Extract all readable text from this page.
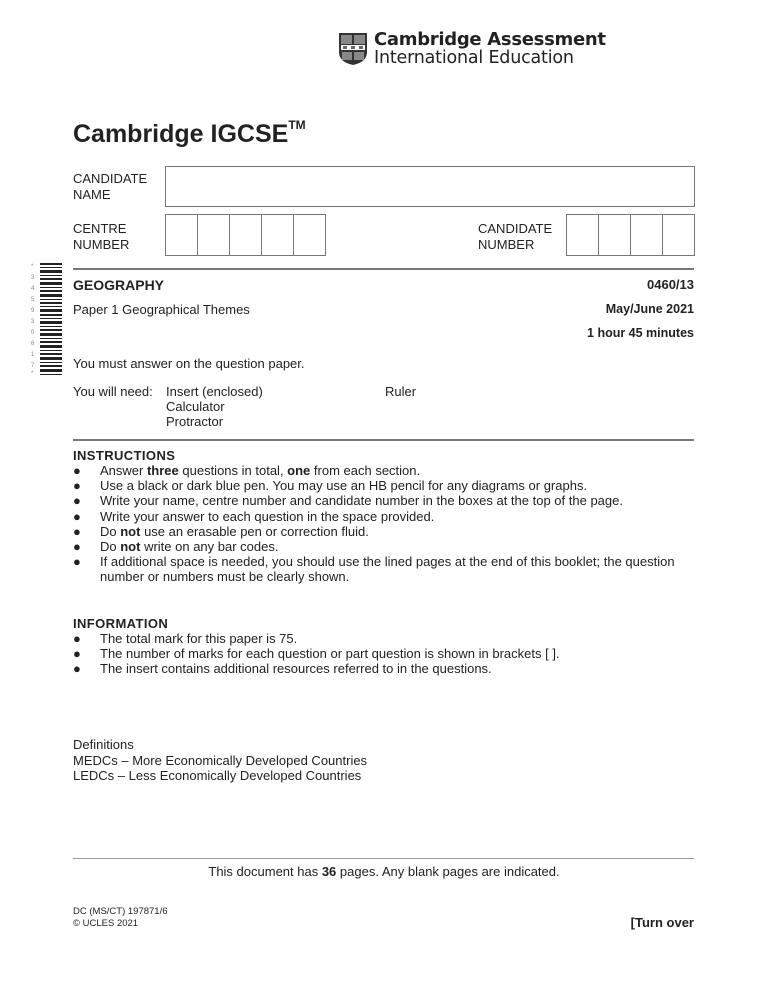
Cambridge Assessment
International Education
Cambridge IGCSE™
CANDIDATE
NAME
CENTRE
NUMBER
CANDIDATE
NUMBER
*
3
4
5
9
3
0
6
1
7
*
GEOGRAPHY	0460/13
Paper 1 Geographical Themes	May/June 2021
1 hour 45 minutes
You must answer on the question paper.
You will need: Insert (enclosed)
Calculator
Protractor
Ruler
INSTRUCTIONS
● Answer three questions in total, one from each section.
● Use a black or dark blue pen. You may use an HB pencil for any diagrams or graphs.
● Write your name, centre number and candidate number in the boxes at the top of the page.
● Write your answer to each question in the space provided.
● Do not use an erasable pen or correction fluid.
● Do not write on any bar codes.
● If additional space is needed, you should use the lined pages at the end of this booklet; the question number or numbers must be clearly shown.
INFORMATION
● The total mark for this paper is 75.
● The number of marks for each question or part question is shown in brackets [ ].
● The insert contains additional resources referred to in the questions.
Definitions
MEDCs – More Economically Developed Countries
LEDCs – Less Economically Developed Countries
This document has 36 pages. Any blank pages are indicated.
DC (MS/CT) 197871/6
© UCLES 2021	[Turn over
